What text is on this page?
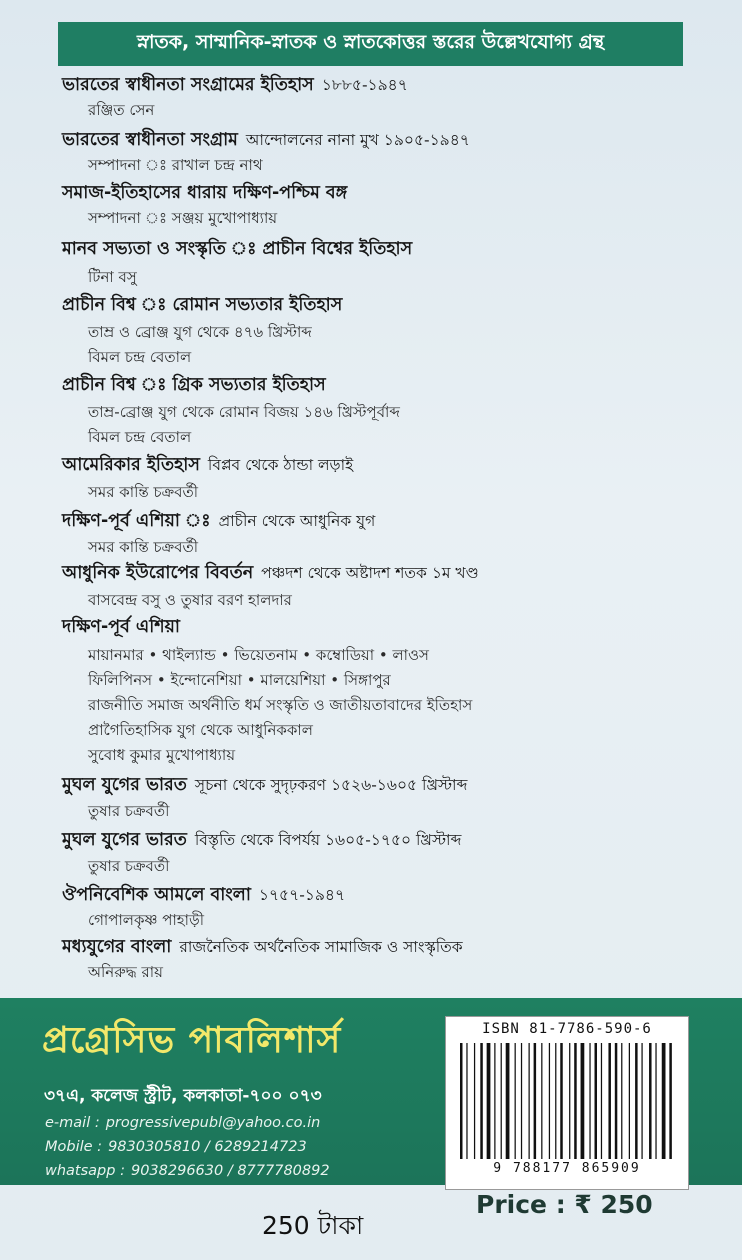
স্নাতক, সাম্মানিক-স্নাতক ও স্নাতকোত্তর স্তরের উল্লেখযোগ্য গ্রন্থ
ভারতের স্বাধীনতা সংগ্রামের ইতিহাস ১৮৮৫-১৯৪৭
রঞ্জিত সেন
ভারতের স্বাধীনতা সংগ্রাম আন্দোলনের নানা মুখ ১৯০৫-১৯৪৭
সম্পাদনা ঃ রাখাল চন্দ্র নাথ
সমাজ-ইতিহাসের ধারায় দক্ষিণ-পশ্চিম বঙ্গ
সম্পাদনা ঃ সঞ্জয় মুখোপাধ্যায়
মানব সভ্যতা ও সংস্কৃতি ঃ প্রাচীন বিশ্বের ইতিহাস
টিনা বসু
প্রাচীন বিশ্ব ঃ রোমান সভ্যতার ইতিহাস
তাম্র ও ব্রোঞ্জ যুগ থেকে ৪৭৬ খ্রিস্টাব্দ
বিমল চন্দ্র বেতাল
প্রাচীন বিশ্ব ঃ গ্রিক সভ্যতার ইতিহাস
তাম্র-ব্রোঞ্জ যুগ থেকে রোমান বিজয় ১৪৬ খ্রিস্টপূর্বাব্দ
বিমল চন্দ্র বেতাল
আমেরিকার ইতিহাস বিপ্লব থেকে ঠান্ডা লড়াই
সমর কান্তি চক্রবর্তী
দক্ষিণ-পূর্ব এশিয়া ঃ প্রাচীন থেকে আধুনিক যুগ
সমর কান্তি চক্রবর্তী
আধুনিক ইউরোপের বিবর্তন পঞ্চদশ থেকে অষ্টাদশ শতক ১ম খণ্ড
বাসবেন্দ্র বসু ও তুষার বরণ হালদার
দক্ষিণ-পূর্ব এশিয়া
মায়ানমার • থাইল্যান্ড • ভিয়েতনাম • কম্বোডিয়া • লাওস
ফিলিপিনস • ইন্দোনেশিয়া • মালয়েশিয়া • সিঙ্গাপুর
রাজনীতি সমাজ অর্থনীতি ধর্ম সংস্কৃতি ও জাতীয়তাবাদের ইতিহাস
প্রাগৈতিহাসিক যুগ থেকে আধুনিককাল
সুবোধ কুমার মুখোপাধ্যায়
মুঘল যুগের ভারত সূচনা থেকে সুদৃঢ়করণ ১৫২৬-১৬০৫ খ্রিস্টাব্দ
তুষার চক্রবর্তী
মুঘল যুগের ভারত বিস্তৃতি থেকে বিপর্যয় ১৬০৫-১৭৫০ খ্রিস্টাব্দ
তুষার চক্রবর্তী
ঔপনিবেশিক আমলে বাংলা ১৭৫৭-১৯৪৭
গোপালকৃষ্ণ পাহাড়ী
মধ্যযুগের বাংলা রাজনৈতিক অর্থনৈতিক সামাজিক ও সাংস্কৃতিক
অনিরুদ্ধ রায়
প্রগ্রেসিভ পাবলিশার্স
৩৭এ, কলেজ স্ট্রীট, কলকাতা-৭০০ ০৭৩
e-mail : progressivepubl@yahoo.co.in
Mobile : 9830305810 / 6289214723
whatsapp : 9038296630 / 8777780892
ISBN 81-7786-590-6
9 788177 865909
Price : ₹ 250
250 টাকা
